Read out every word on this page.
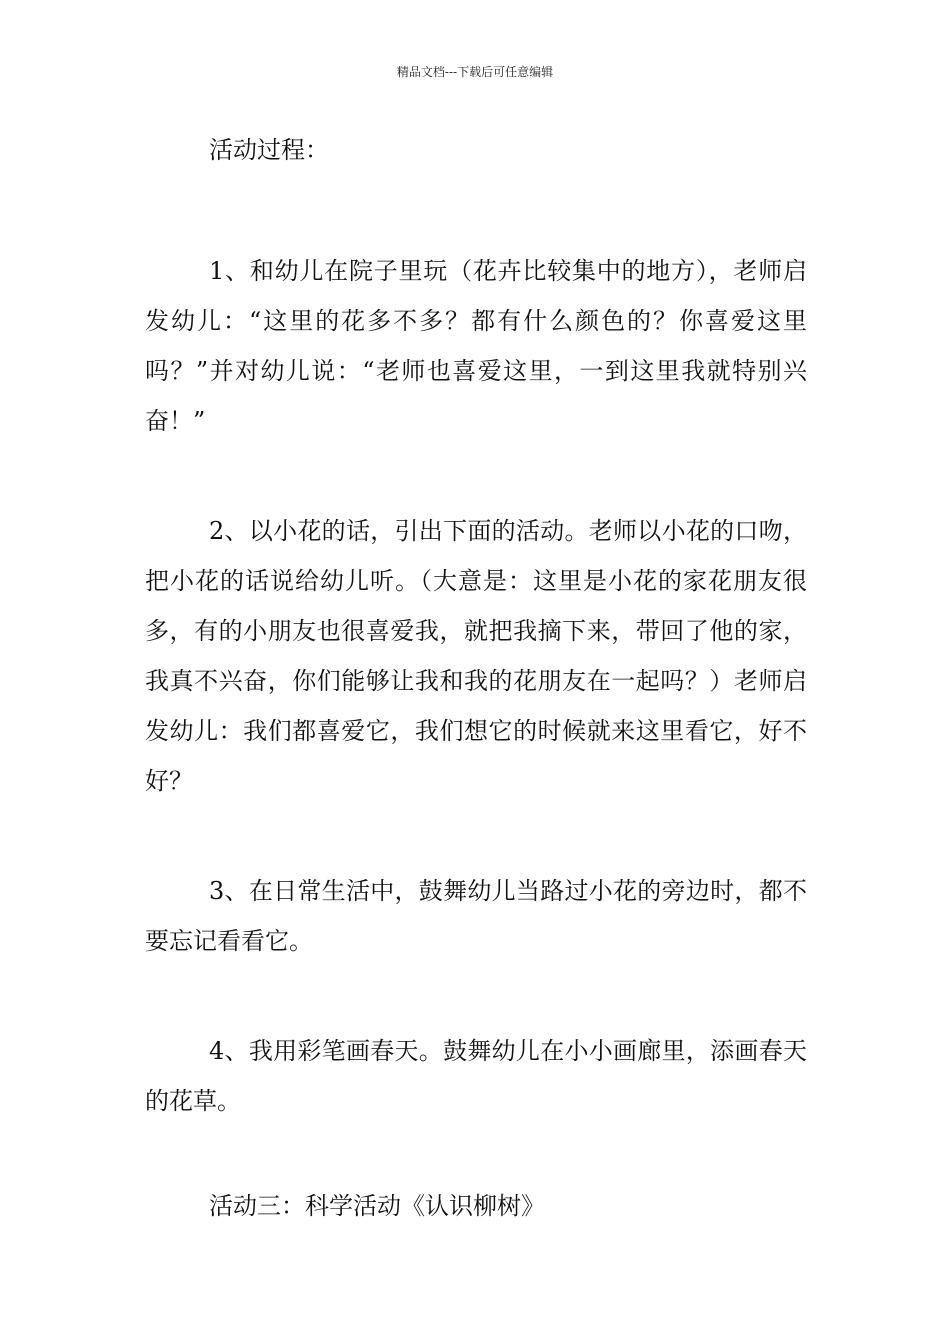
精品文档---下载后可任意编辑

活动过程：

1、和幼儿在院子里玩（花卉比较集中的地方），老师启发幼儿：“这里的花多不多？都有什么颜色的？你喜爱这里吗？”并对幼儿说：“老师也喜爱这里，一到这里我就特别兴奋！”

2、以小花的话，引出下面的活动。老师以小花的口吻，把小花的话说给幼儿听。（大意是：这里是小花的家花朋友很多，有的小朋友也很喜爱我，就把我摘下来，带回了他的家，我真不兴奋，你们能够让我和我的花朋友在一起吗？）老师启发幼儿：我们都喜爱它，我们想它的时候就来这里看它，好不好？

3、在日常生活中，鼓舞幼儿当路过小花的旁边时，都不要忘记看看它。

4、我用彩笔画春天。鼓舞幼儿在小小画廊里，添画春天的花草。

活动三：科学活动《认识柳树》
